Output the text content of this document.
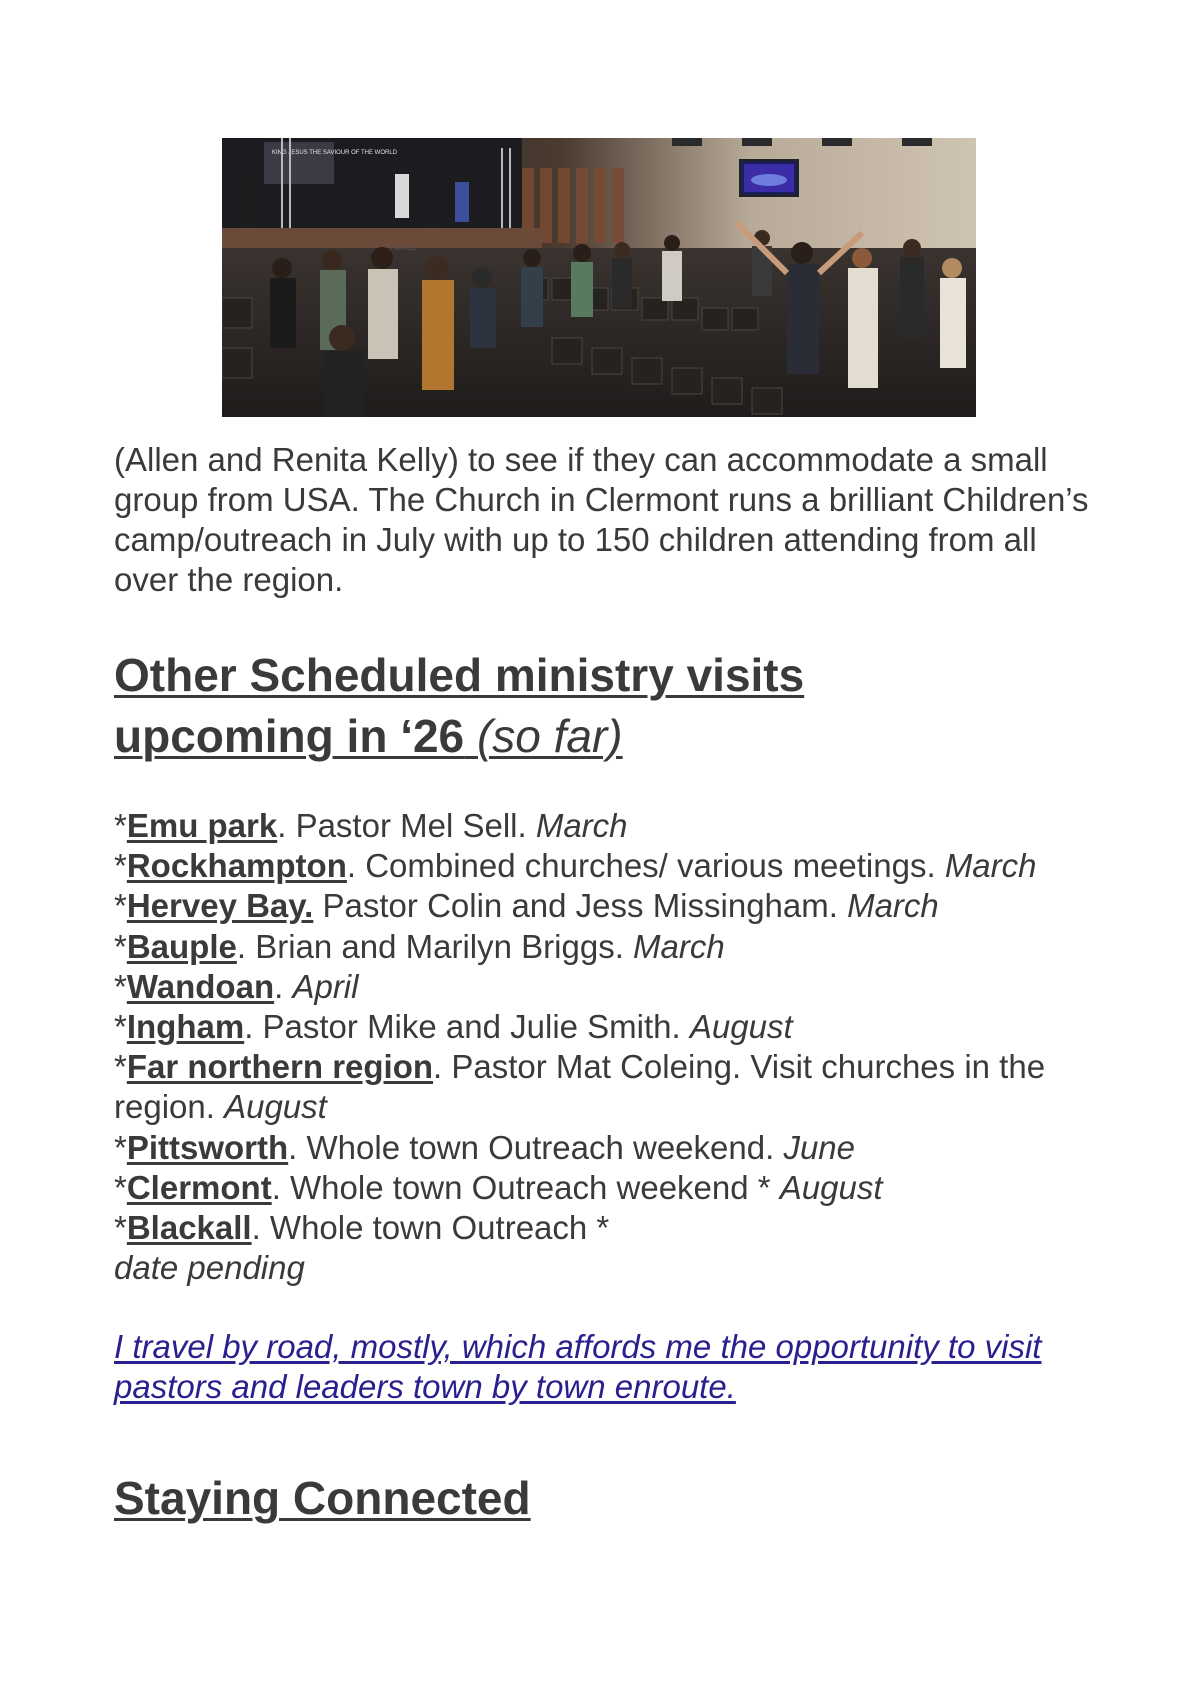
KING JESUS THE SAVIOUR OF THE WORLD
PALACE

(Allen and Renita Kelly) to see if they can accommodate a small group from USA. The Church in Clermont runs a brilliant Children’s camp/outreach in July with up to 150 children attending from all over the region.

Other Scheduled ministry visits
upcoming in ‘26 (so far)

*Emu park. Pastor Mel Sell. March

*Rockhampton. Combined churches/ various meetings. March

*Hervey Bay. Pastor Colin and Jess Missingham. March

*Bauple. Brian and Marilyn Briggs. March

*Wandoan. April

*Ingham. Pastor Mike and Julie Smith. August

*Far northern region. Pastor Mat Coleing. Visit churches in the region. August

*Pittsworth. Whole town Outreach weekend. June

*Clermont. Whole town Outreach weekend * August

*Blackall. Whole town Outreach *
date pending

I travel by road, mostly, which affords me the opportunity to visit pastors and leaders town by town enroute.

Staying Connected
